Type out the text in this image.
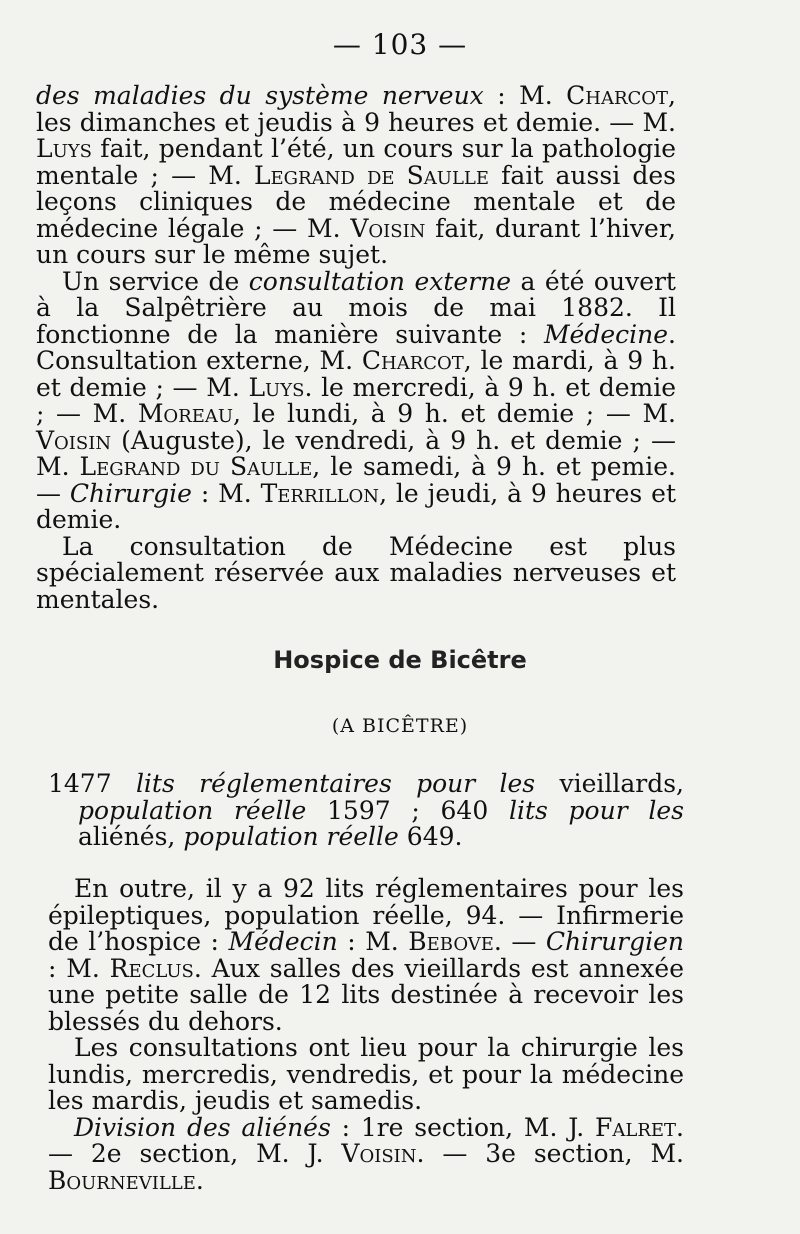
— 103 —

des maladies du système nerveux : M. Charcot, les dimanches et jeudis à 9 heures et demie. — M. Luys fait, pendant l’été, un cours sur la pathologie mentale ; — M. Legrand de Saulle fait aussi des leçons cliniques de médecine mentale et de médecine légale ; — M. Voisin fait, durant l’hiver, un cours sur le même sujet.

Un service de consultation externe a été ouvert à la Salpêtrière au mois de mai 1882. Il fonctionne de la manière suivante : Médecine. Consultation externe, M. Charcot, le mardi, à 9 h. et demie ; — M. Luys. le mercredi, à 9 h. et demie ; — M. Moreau, le lundi, à 9 h. et demie ; — M. Voisin (Auguste), le vendredi, à 9 h. et demie ; — M. Legrand du Saulle, le samedi, à 9 h. et pemie. — Chirurgie : M. Terrillon, le jeudi, à 9 heures et demie.

La consultation de Médecine est plus spécialement réservée aux maladies nerveuses et mentales.

Hospice de Bicêtre
(A BICÊTRE)

1477 lits réglementaires pour les vieillards, population réelle 1597 ; 640 lits pour les aliénés, population réelle 649.

En outre, il y a 92 lits réglementaires pour les épileptiques, population réelle, 94. — Infirmerie de l’hospice : Médecin : M. Bebove. — Chirurgien : M. Reclus. Aux salles des vieillards est annexée une petite salle de 12 lits destinée à recevoir les blessés du dehors.

Les consultations ont lieu pour la chirurgie les lundis, mercredis, vendredis, et pour la médecine les mardis, jeudis et samedis.

Division des aliénés : 1re section, M. J. Falret. — 2e section, M. J. Voisin. — 3e section, M. Bourneville.
